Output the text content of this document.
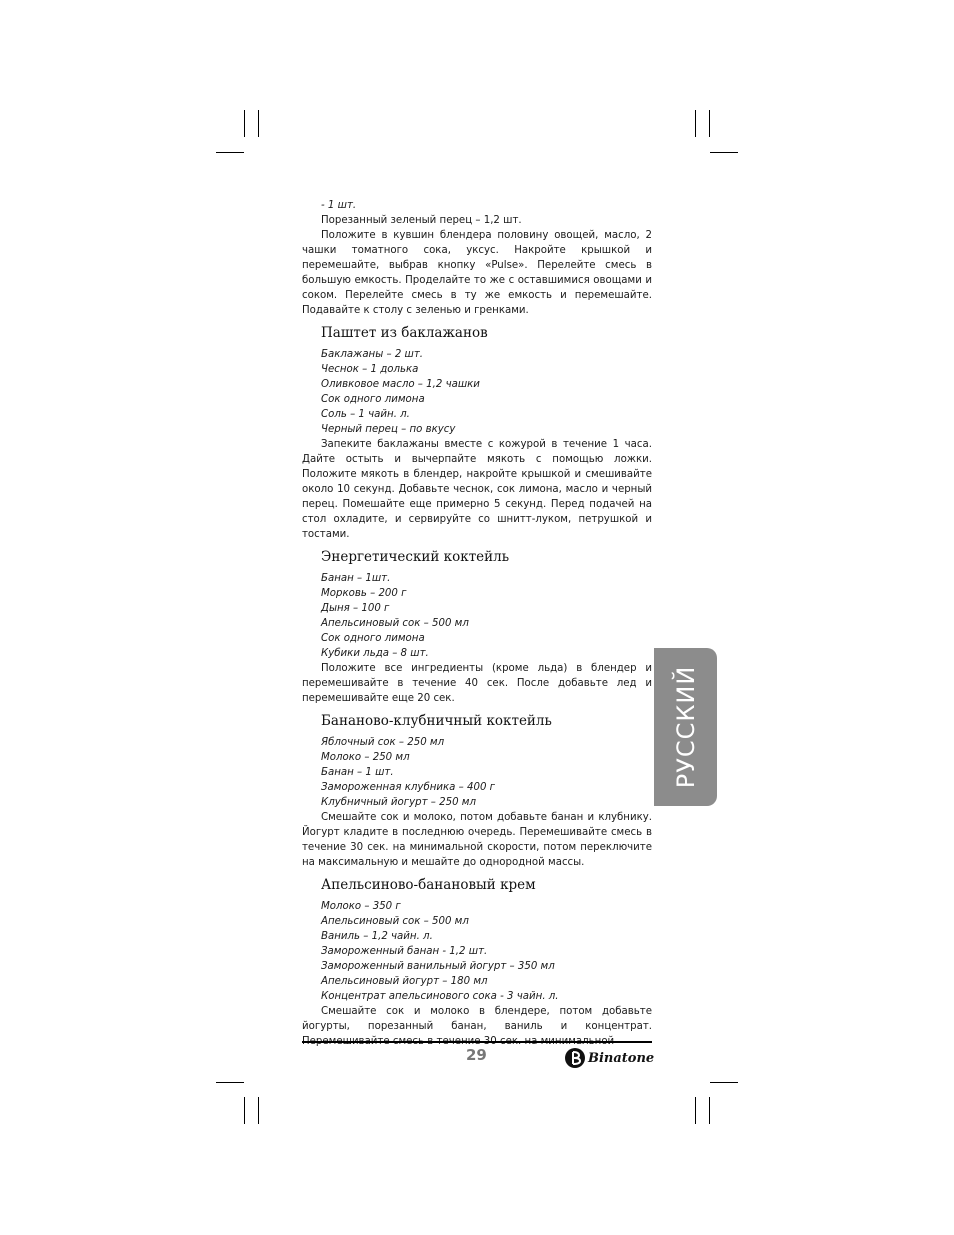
- 1 шт.

Порезанный зеленый перец – 1,2 шт.

Положите в кувшин блендера половину овощей, масло, 2 чашки томатного сока, уксус. Накройте крышкой и перемешайте, выбрав кнопку «Pulse». Перелейте смесь в большую емкость. Проделайте то же с оставшимися овощами и соком. Перелейте смесь в ту же емкость и перемешайте. Подавайте к столу с зеленью и гренками.

Паштет из баклажанов

Баклажаны – 2 шт.

Чеснок – 1 долька

Оливковое масло – 1,2 чашки

Сок одного лимона

Соль – 1 чайн. л.

Черный перец – по вкусу

Запеките баклажаны вместе с кожурой в течение 1 часа. Дайте остыть и вычерпайте мякоть с помощью ложки. Положите мякоть в блендер, накройте крышкой и смешивайте около 10 секунд. Добавьте чеснок, сок лимона, масло и черный перец. Помешайте еще примерно 5 секунд. Перед подачей на стол охладите, и сервируйте со шнитт-луком, петрушкой и тостами.

Энергетический коктейль

Банан – 1шт.

Морковь – 200 г

Дыня – 100 г

Апельсиновый сок – 500 мл

Сок одного лимона

Кубики льда – 8 шт.

Положите все ингредиенты (кроме льда) в блендер и перемешивайте в течение 40 сек. После добавьте лед и перемешивайте еще 20 сек.

Бананово-клубничный коктейль

Яблочный сок – 250 мл

Молоко – 250 мл

Банан – 1 шт.

Замороженная клубника – 400 г

Клубничный йогурт – 250 мл

Смешайте сок и молоко, потом добавьте банан и клубнику. Йогурт кладите в последнюю очередь. Перемешивайте смесь в течение 30 сек. на минимальной скорости, потом переключите на максимальную и мешайте до однородной массы.

Апельсиново-банановый крем

Молоко – 350 г

Апельсиновый сок – 500 мл

Ваниль – 1,2 чайн. л.

Замороженный банан - 1,2 шт.

Замороженный ванильный йогурт – 350 мл

Апельсиновый йогурт – 180 мл

Концентрат апельсинового сока - 3 чайн. л.

Смешайте сок и молоко в блендере, потом добавьте йогурты, порезанный банан, ваниль и концентрат.

РУССКИЙ
29	Binatone
